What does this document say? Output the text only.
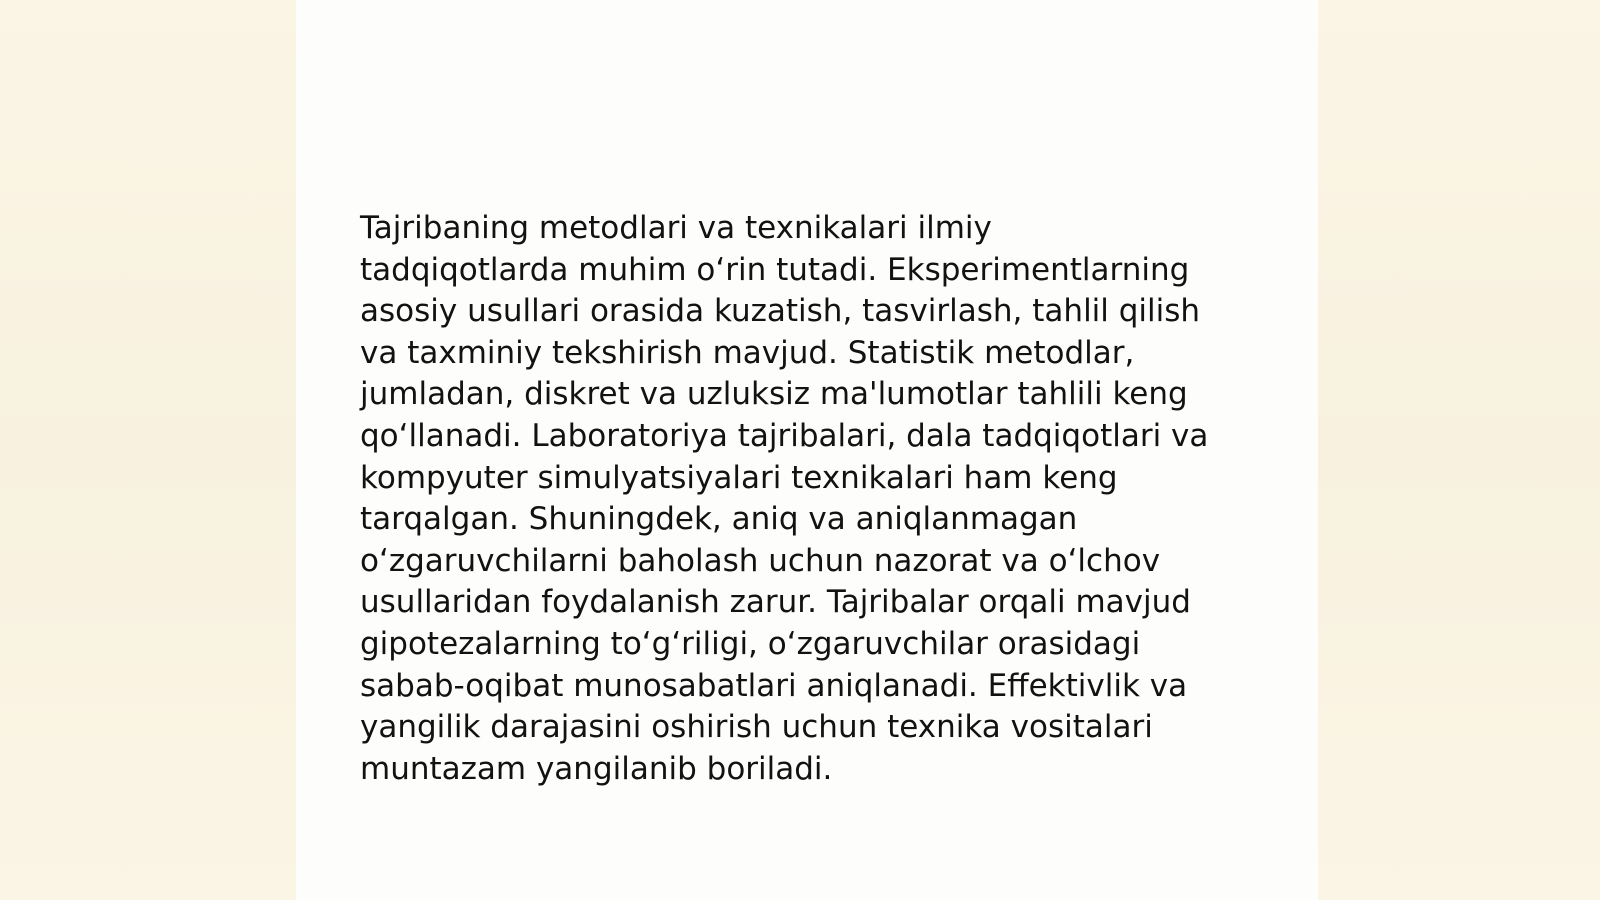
Tajribaning metodlari va texnikalari ilmiy
tadqiqotlarda muhim o‘rin tutadi. Eksperimentlarning
asosiy usullari orasida kuzatish, tasvirlash, tahlil qilish
va taxminiy tekshirish mavjud. Statistik metodlar,
jumladan, diskret va uzluksiz ma'lumotlar tahlili keng
qo‘llanadi. Laboratoriya tajribalari, dala tadqiqotlari va
kompyuter simulyatsiyalari texnikalari ham keng
tarqalgan. Shuningdek, aniq va aniqlanmagan
o‘zgaruvchilarni baholash uchun nazorat va o‘lchov
usullaridan foydalanish zarur. Tajribalar orqali mavjud
gipotezalarning to‘g‘riligi, o‘zgaruvchilar orasidagi
sabab-oqibat munosabatlari aniqlanadi. Effektivlik va
yangilik darajasini oshirish uchun texnika vositalari
muntazam yangilanib boriladi.
